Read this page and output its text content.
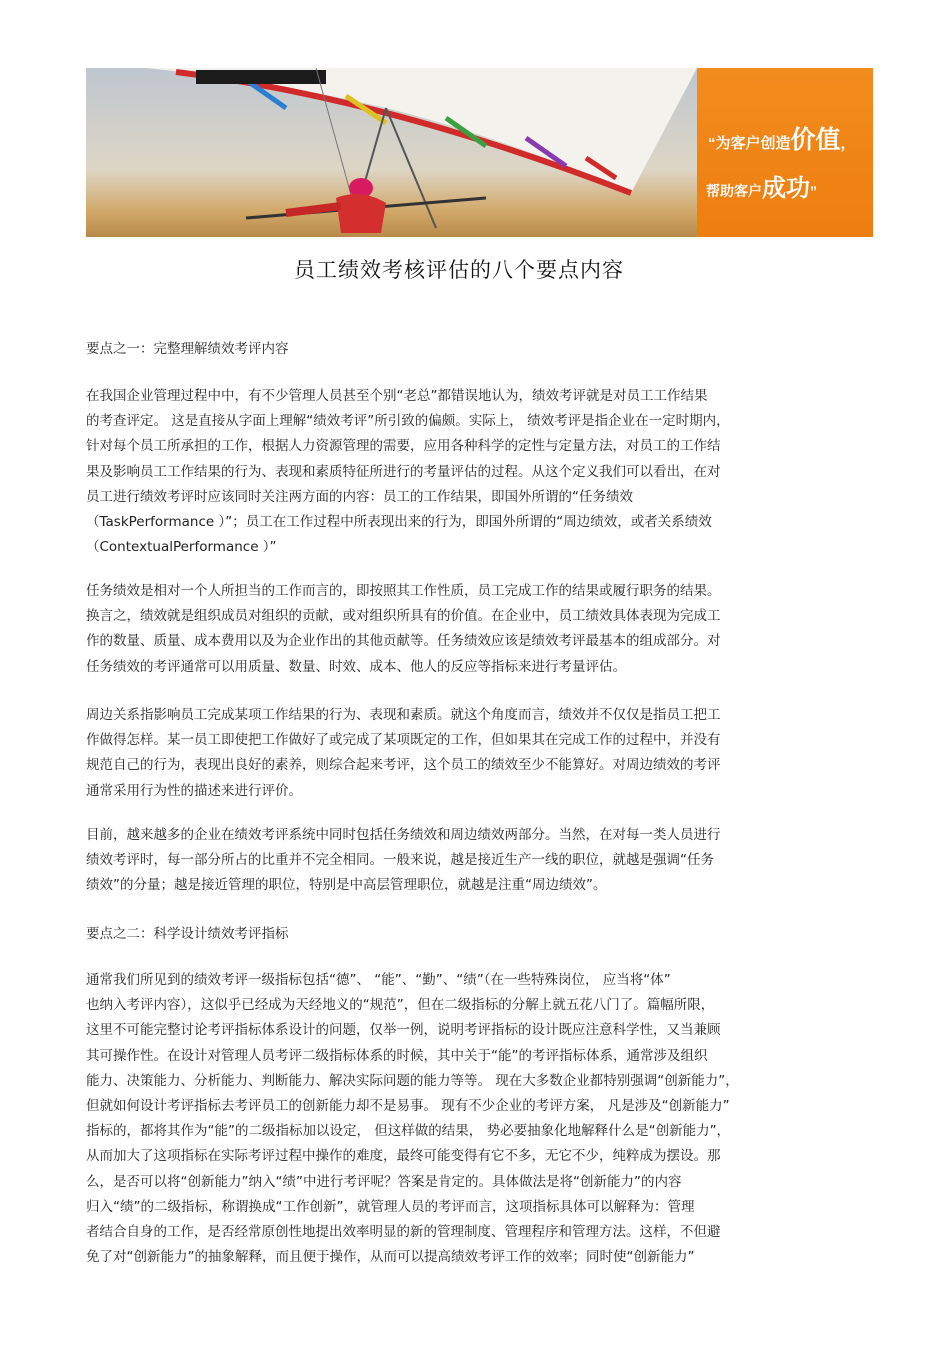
“为客户创造价值，
帮助客户成功”
员工绩效考核评估的八个要点内容
要点之一：完整理解绩效考评内容
在我国企业管理过程中中，有不少管理人员甚至个别“老总”都错误地认为，绩效考评就是对员工工作结果
的考查评定。 这是直接从字面上理解“绩效考评”所引致的偏颇。实际上， 绩效考评是指企业在一定时期内，
针对每个员工所承担的工作，根据人力资源管理的需要，应用各种科学的定性与定量方法，对员工的工作结
果及影响员工工作结果的行为、表现和素质特征所进行的考量评估的过程。从这个定义我们可以看出，在对
员工进行绩效考评时应该同时关注两方面的内容：员工的工作结果，即国外所谓的“任务绩效
（TaskPerformance ）”；员工在工作过程中所表现出来的行为，即国外所谓的“周边绩效，或者关系绩效
（ContextualPerformance ）”
任务绩效是相对一个人所担当的工作而言的，即按照其工作性质，员工完成工作的结果或履行职务的结果。
换言之，绩效就是组织成员对组织的贡献，或对组织所具有的价值。在企业中，员工绩效具体表现为完成工
作的数量、质量、成本费用以及为企业作出的其他贡献等。任务绩效应该是绩效考评最基本的组成部分。对
任务绩效的考评通常可以用质量、数量、时效、成本、他人的反应等指标来进行考量评估。
周边关系指影响员工完成某项工作结果的行为、表现和素质。就这个角度而言，绩效并不仅仅是指员工把工
作做得怎样。某一员工即使把工作做好了或完成了某项既定的工作，但如果其在完成工作的过程中，并没有
规范自己的行为，表现出良好的素养，则综合起来考评，这个员工的绩效至少不能算好。对周边绩效的考评
通常采用行为性的描述来进行评价。
目前，越来越多的企业在绩效考评系统中同时包括任务绩效和周边绩效两部分。当然，在对每一类人员进行
绩效考评时，每一部分所占的比重并不完全相同。一般来说，越是接近生产一线的职位，就越是强调“任务
绩效”的分量；越是接近管理的职位，特别是中高层管理职位，就越是注重“周边绩效”。
要点之二：科学设计绩效考评指标
通常我们所见到的绩效考评一级指标包括“德”、 “能”、“勤”、“绩”（在一些特殊岗位， 应当将“体”
也纳入考评内容），这似乎已经成为天经地义的“规范”，但在二级指标的分解上就五花八门了。篇幅所限，
这里不可能完整讨论考评指标体系设计的问题，仅举一例，说明考评指标的设计既应注意科学性，又当兼顾
其可操作性。在设计对管理人员考评二级指标体系的时候，其中关于“能”的考评指标体系，通常涉及组织
能力、决策能力、分析能力、判断能力、解决实际问题的能力等等。 现在大多数企业都特别强调“创新能力”，
但就如何设计考评指标去考评员工的创新能力却不是易事。 现有不少企业的考评方案， 凡是涉及“创新能力”
指标的，都将其作为“能”的二级指标加以设定， 但这样做的结果， 势必要抽象化地解释什么是“创新能力”，
从而加大了这项指标在实际考评过程中操作的难度，最终可能变得有它不多，无它不少，纯粹成为摆设。那
么，是否可以将“创新能力”纳入“绩”中进行考评呢？答案是肯定的。具体做法是将“创新能力”的内容
归入“绩”的二级指标，称谓换成“工作创新”，就管理人员的考评而言，这项指标具体可以解释为：管理
者结合自身的工作，是否经常原创性地提出效率明显的新的管理制度、管理程序和管理方法。这样，不但避
免了对“创新能力”的抽象解释，而且便于操作，从而可以提高绩效考评工作的效率；同时使“创新能力”
